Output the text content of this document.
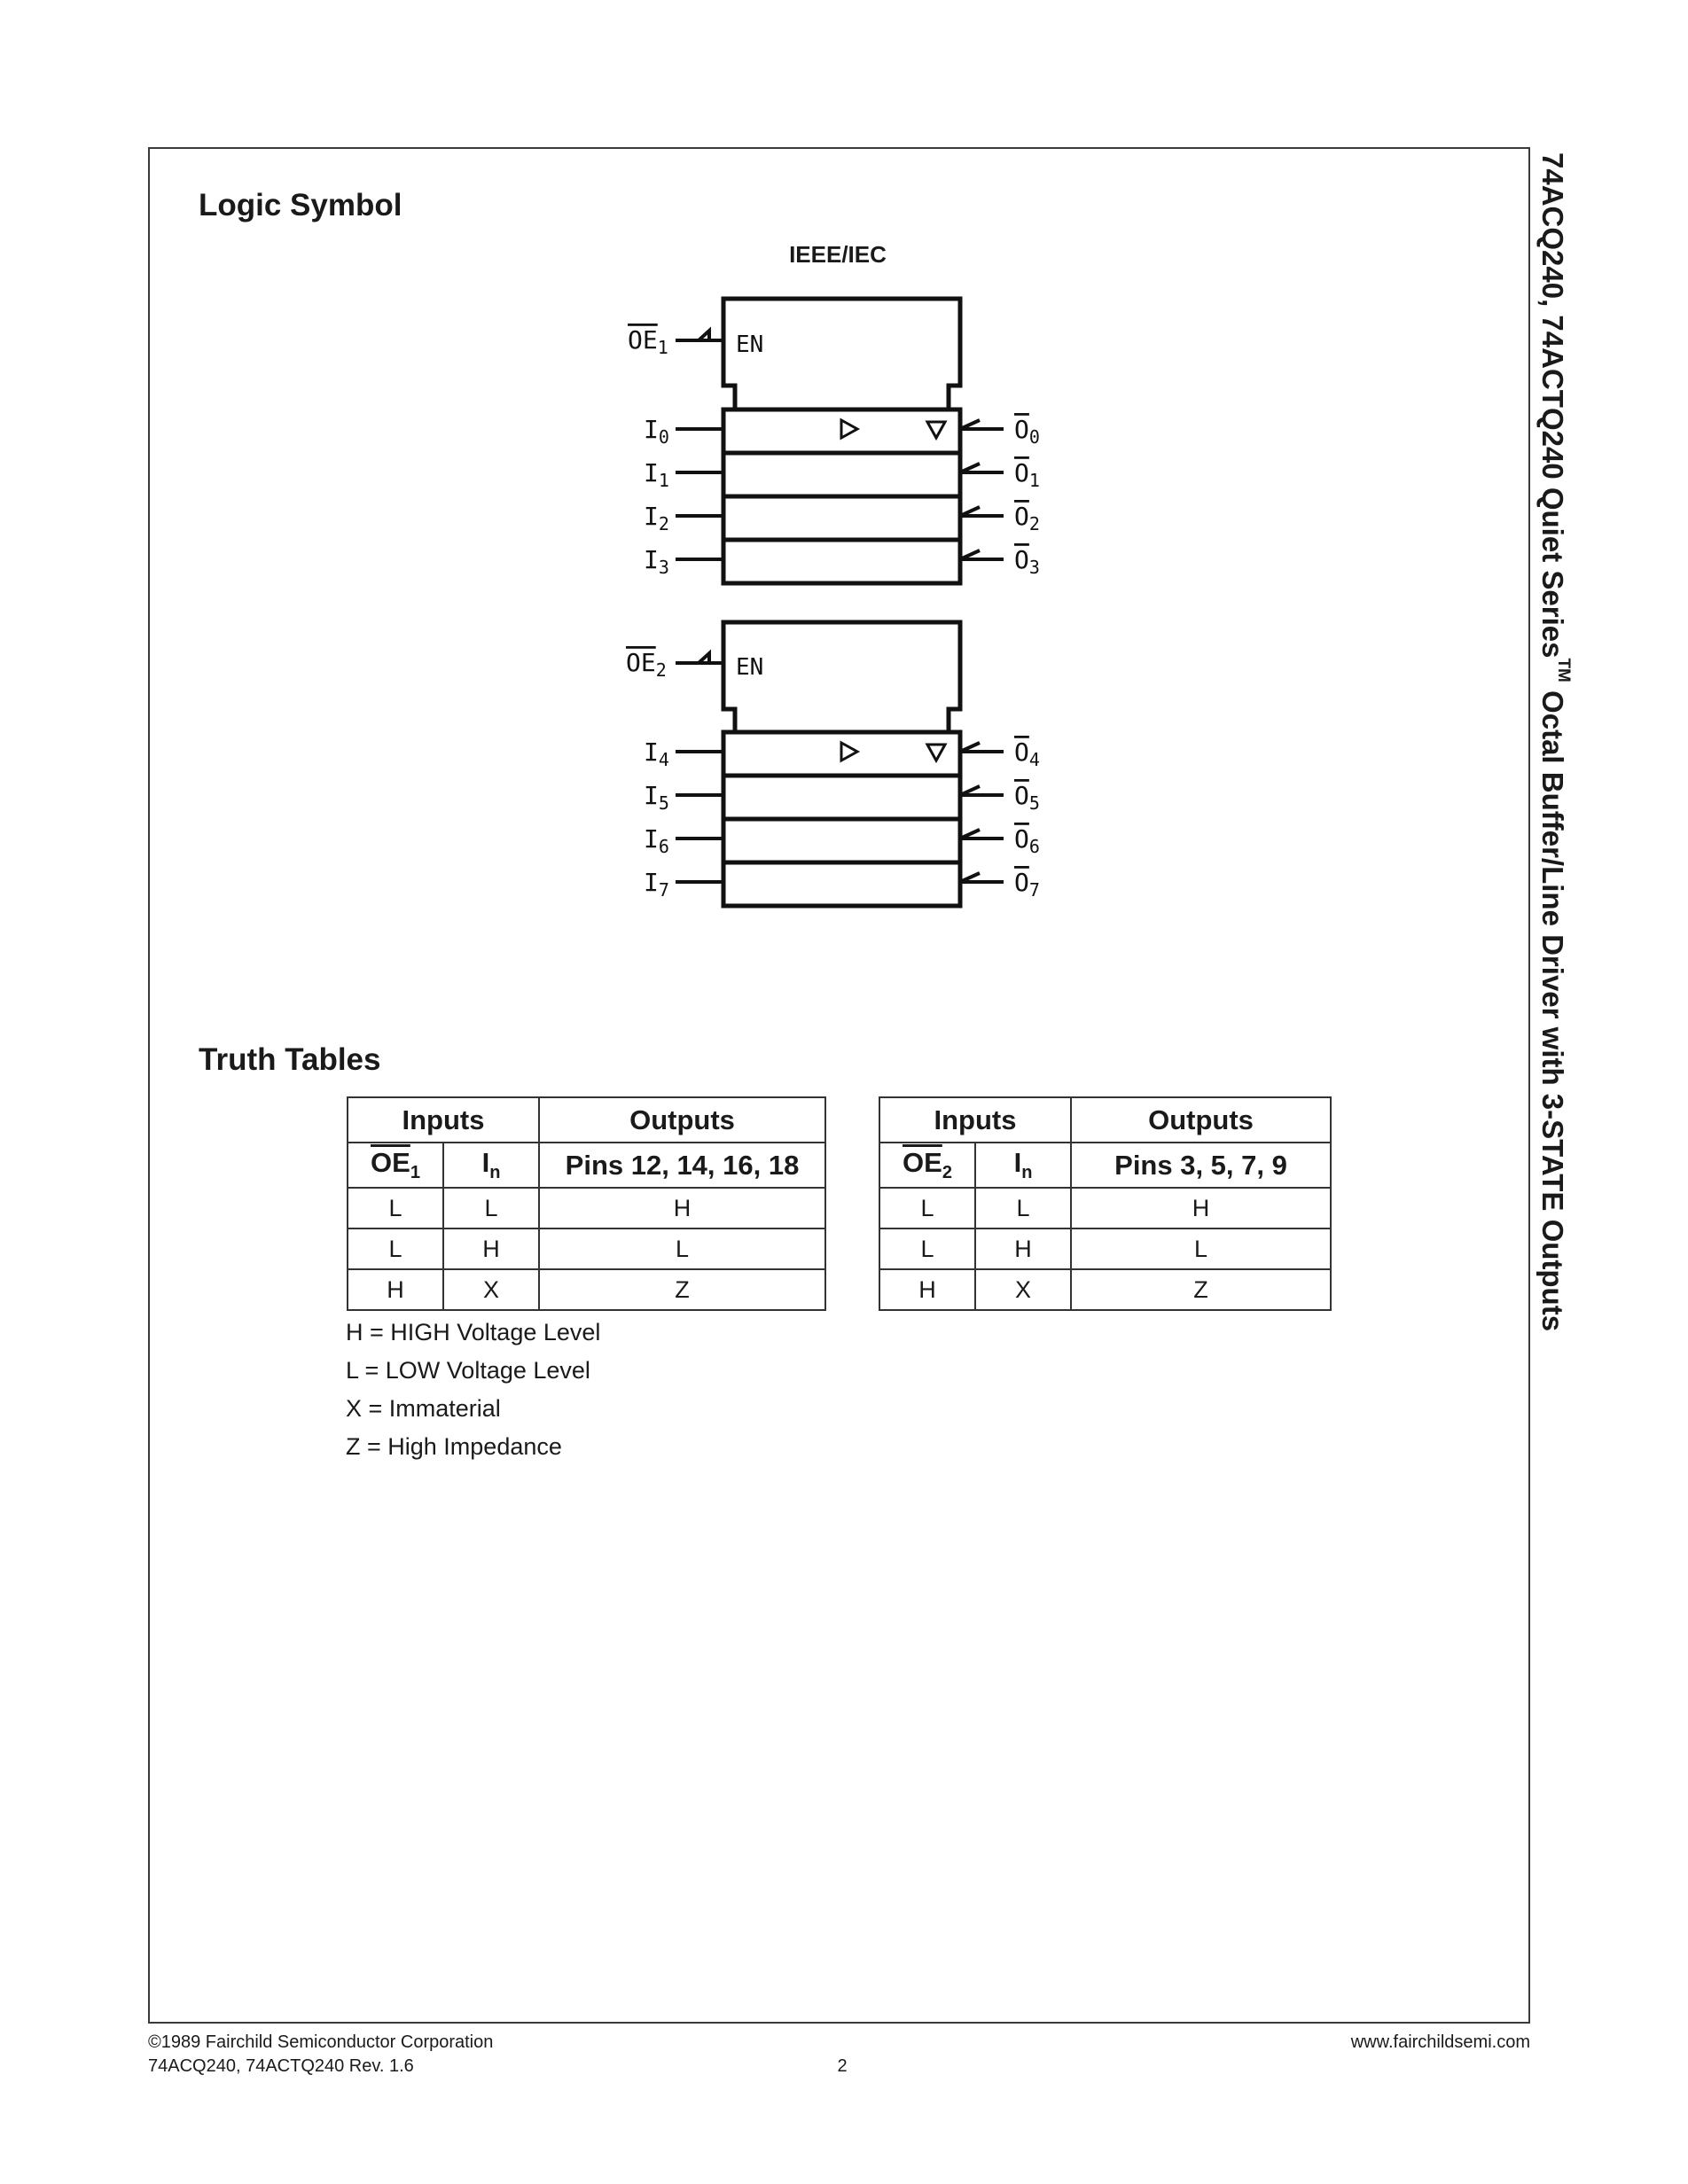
74ACQ240, 74ACTQ240 Quiet Series™ Octal Buffer/Line Driver with 3-STATE Outputs
Logic Symbol
IEEE/IEC
EN
EN
$OE_1$
$OE_2$
$I_0$
$I_1$
$I_2$
$I_3$
$I_4$
$I_5$
$I_6$
$I_7$
$O_0$
$O_1$
$O_2$
$O_3$
$O_4$
$O_5$
$O_6$
$O_7$
Truth Tables
Inputs		Outputs
$\overline{OE}_1$	$I_n$	Pins 12, 14, 16, 18
L	L	H
L	H	L
H	X	Z
Inputs		Outputs
$\overline{OE}_2$	$I_n$	Pins 3, 5, 7, 9
L	L	H
L	H	L
H	X	Z
H = HIGH Voltage Level
L = LOW Voltage Level
X = Immaterial
Z = High Impedance
©1989 Fairchild Semiconductor Corporation
74ACQ240, 74ACTQ240 Rev. 1.6	2
www.fairchildsemi.com
